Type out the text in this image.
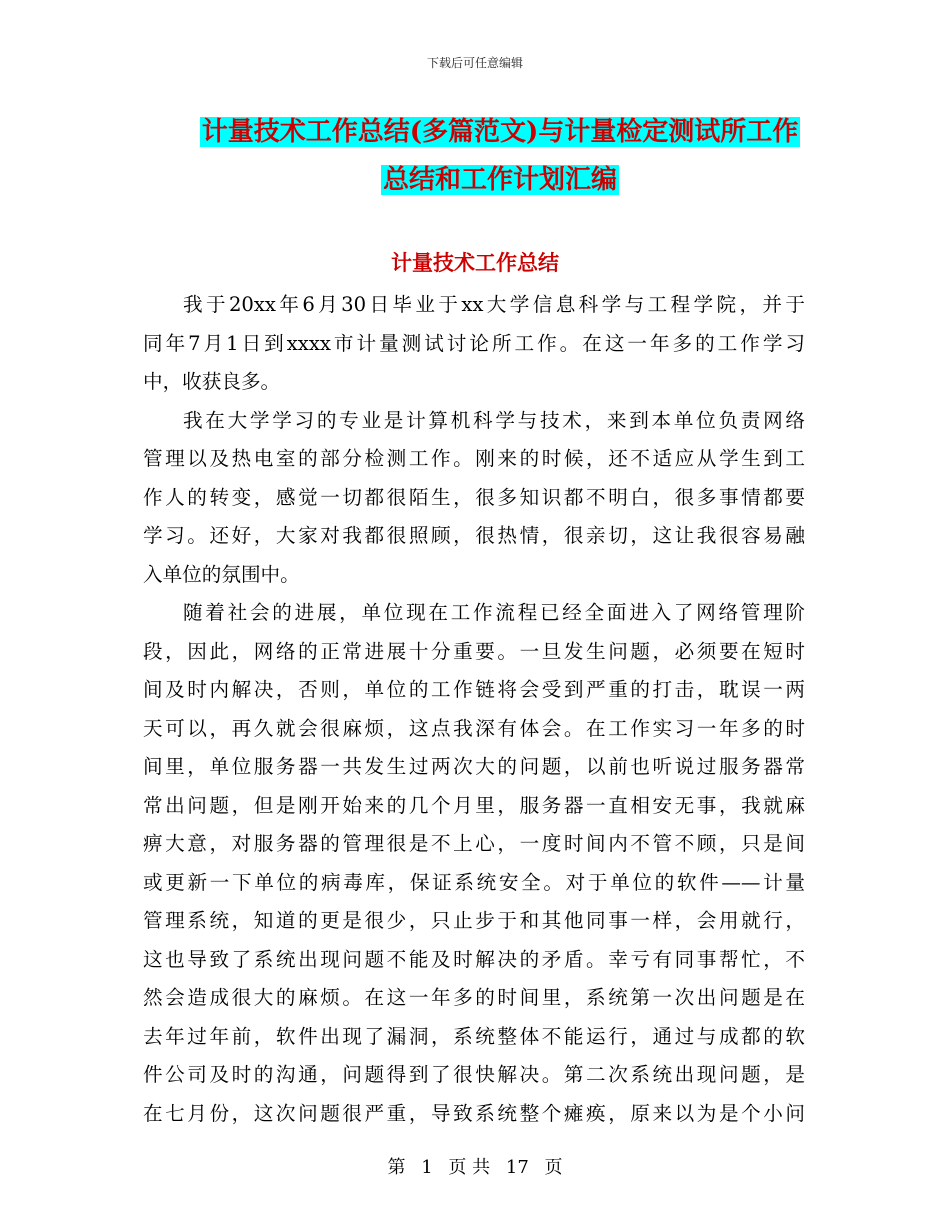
下载后可任意编辑
计量技术工作总结(多篇范文)与计量检定测试所工作
总结和工作计划汇编
计量技术工作总结
我于20xx年6月30日毕业于xx大学信息科学与工程学院，并于
同年7月1日到xxxx市计量测试讨论所工作。在这一年多的工作学习
中，收获良多。
我在大学学习的专业是计算机科学与技术，来到本单位负责网络
管理以及热电室的部分检测工作。刚来的时候，还不适应从学生到工
作人的转变，感觉一切都很陌生，很多知识都不明白，很多事情都要
学习。还好，大家对我都很照顾，很热情，很亲切，这让我很容易融
入单位的氛围中。
随着社会的进展，单位现在工作流程已经全面进入了网络管理阶
段，因此，网络的正常进展十分重要。一旦发生问题，必须要在短时
间及时内解决，否则，单位的工作链将会受到严重的打击，耽误一两
天可以，再久就会很麻烦，这点我深有体会。在工作实习一年多的时
间里，单位服务器一共发生过两次大的问题，以前也听说过服务器常
常出问题，但是刚开始来的几个月里，服务器一直相安无事，我就麻
痹大意，对服务器的管理很是不上心，一度时间内不管不顾，只是间
或更新一下单位的病毒库，保证系统安全。对于单位的软件——计量
管理系统，知道的更是很少，只止步于和其他同事一样，会用就行，
这也导致了系统出现问题不能及时解决的矛盾。幸亏有同事帮忙，不
然会造成很大的麻烦。在这一年多的时间里，系统第一次出问题是在
去年过年前，软件出现了漏洞，系统整体不能运行，通过与成都的软
件公司及时的沟通，问题得到了很快解决。第二次系统出现问题，是
在七月份，这次问题很严重，导致系统整个瘫痪，原来以为是个小问
第 1 页 共 17 页
